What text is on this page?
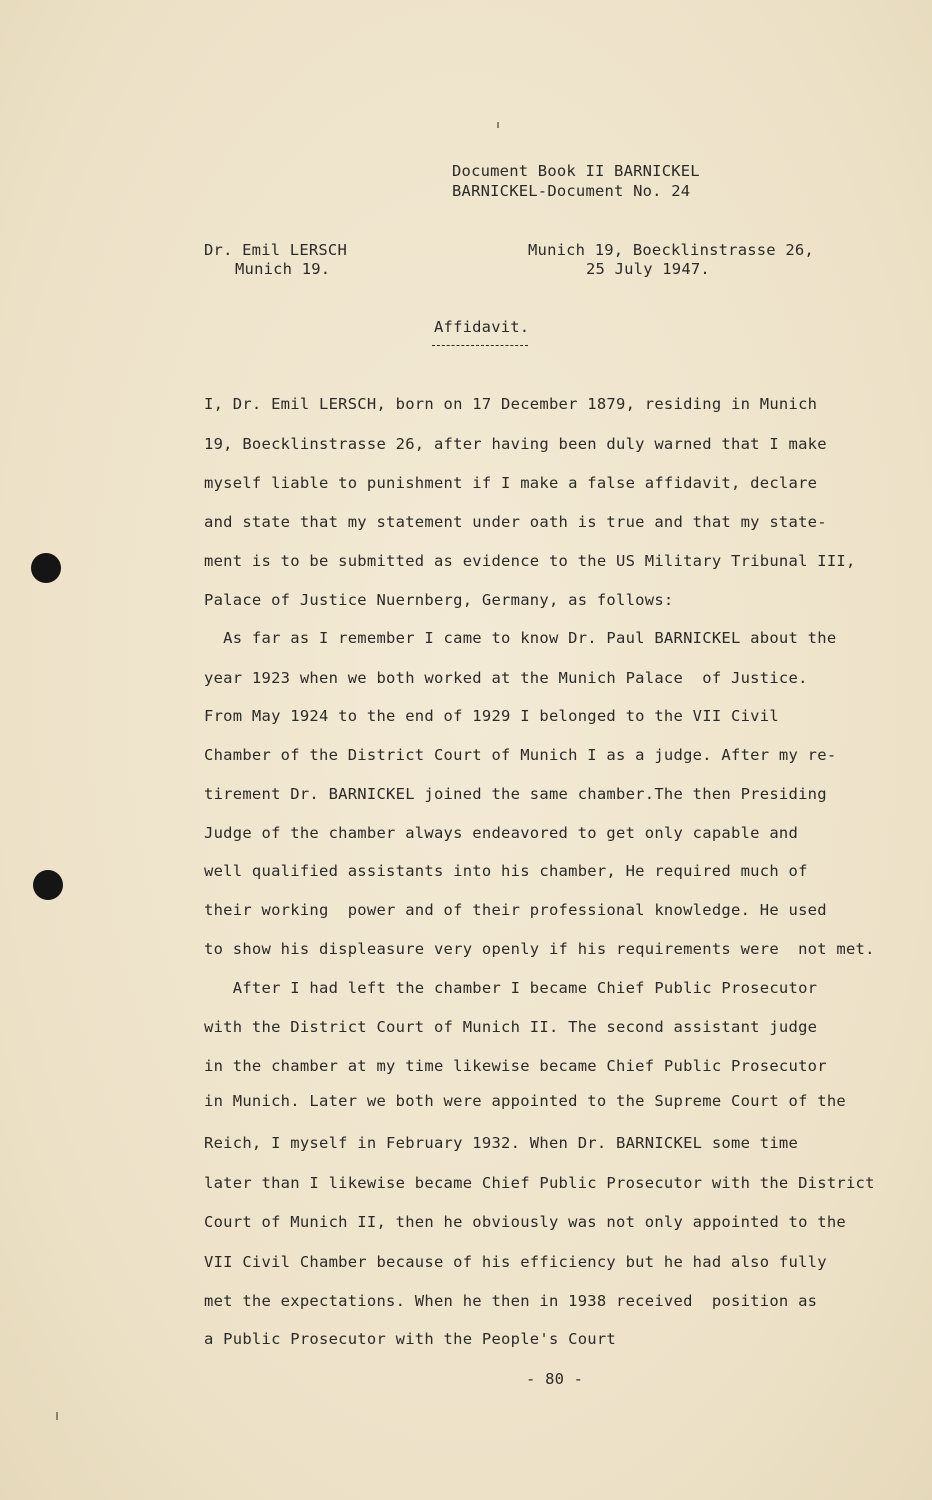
Document Book II BARNICKEL
BARNICKEL-Document No. 24
Dr. Emil LERSCH
Munich 19.
Munich 19, Boecklinstrasse 26,
25 July 1947.
Affidavit.
I, Dr. Emil LERSCH, born on 17 December 1879, residing in Munich
19, Boecklinstrasse 26, after having been duly warned that I make
myself liable to punishment if I make a false affidavit, declare
and state that my statement under oath is true and that my state-
ment is to be submitted as evidence to the US Military Tribunal III,
Palace of Justice Nuernberg, Germany, as follows:
As far as I remember I came to know Dr. Paul BARNICKEL about the
year 1923 when we both worked at the Munich Palace  of Justice.
From May 1924 to the end of 1929 I belonged to the VII Civil
Chamber of the District Court of Munich I as a judge. After my re-
tirement Dr. BARNICKEL joined the same chamber.The then Presiding
Judge of the chamber always endeavored to get only capable and
well qualified assistants into his chamber, He required much of
their working  power and of their professional knowledge. He used
to show his displeasure very openly if his requirements were  not met.
After I had left the chamber I became Chief Public Prosecutor
with the District Court of Munich II. The second assistant judge
in the chamber at my time likewise became Chief Public Prosecutor
in Munich. Later we both were appointed to the Supreme Court of the
Reich, I myself in February 1932. When Dr. BARNICKEL some time
later than I likewise became Chief Public Prosecutor with the District
Court of Munich II, then he obviously was not only appointed to the
VII Civil Chamber because of his efficiency but he had also fully
met the expectations. When he then in 1938 received  position as
a Public Prosecutor with the People's Court
- 80 -
